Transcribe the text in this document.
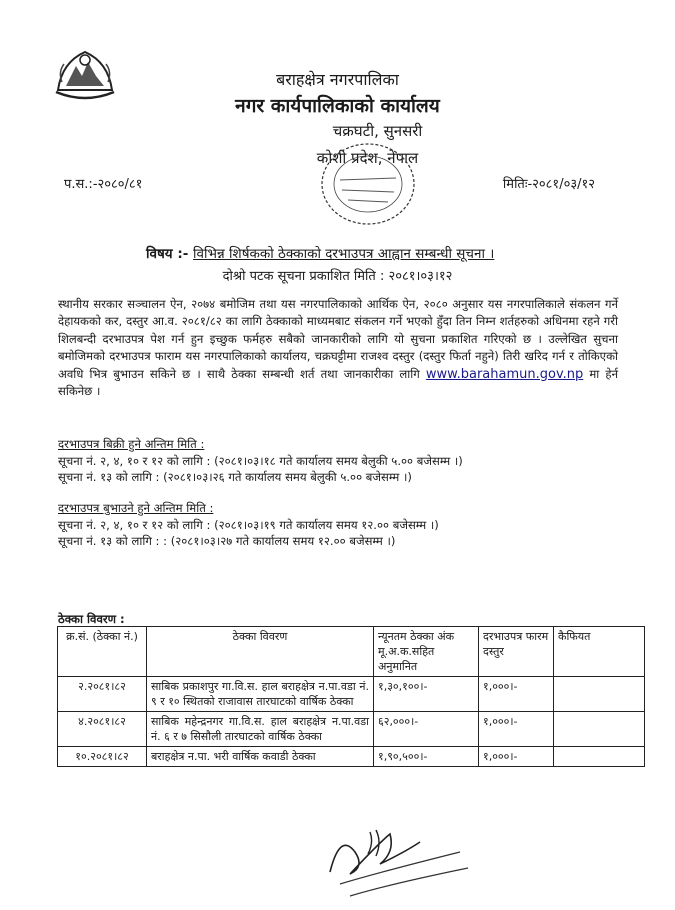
बराहक्षेत्र नगरपालिका
नगर कार्यपालिकाको कार्यालय
चक्रघटी, सुनसरी
कोशी प्रदेश, नेपाल
प.स.:-२०८०/८१	मितिः-२०८१/०३/१२
विषय :- विभिन्न शिर्षकको ठेक्काको दरभाउपत्र आह्वान सम्बन्धी सूचना ।
दोश्रो पटक सूचना प्रकाशित मिति : २०८१।०३।१२
स्थानीय सरकार सञ्चालन ऐन, २०७४ बमोजिम तथा यस नगरपालिकाको आर्थिक ऐन, २०८० अनुसार यस नगरपालिकाले संकलन गर्ने देहायकको कर, दस्तुर आ.व. २०८१/८२ का लागि ठेक्काको माध्यमबाट संकलन गर्ने भएको हुँदा तिन निम्न शर्तहरुको अधिनमा रहने गरी शिलबन्दी दरभाउपत्र पेश गर्न हुन इच्छुक फर्महरु सबैको जानकारीको लागि यो सुचना प्रकाशित गरिएको छ । उल्लेखित सुचना बमोजिमको दरभाउपत्र फाराम यस नगरपालिकाको कार्यालय, चक्रघट्टीमा राजश्व दस्तुर (दस्तुर फिर्ता नहुने) तिरी खरिद गर्न र तोकिएको अवधि भित्र बुभाउन सकिने छ । साथै ठेक्का सम्बन्धी शर्त तथा जानकारीका लागि www.barahamun.gov.np मा हेर्न सकिनेछ ।
दरभाउपत्र बिक्री हुने अन्तिम मिति :
सूचना नं. २, ४, १० र १२ को लागि : (२०८१।०३।१८ गते कार्यालय समय बेलुकी ५.०० बजेसम्म ।)
सूचना नं. १३ को लागि : (२०८१।०३।२६ गते कार्यालय समय बेलुकी ५.०० बजेसम्म ।)
दरभाउपत्र बुभाउने हुने अन्तिम मिति :
सूचना नं. २, ४, १० र १२ को लागि : (२०८१।०३।१९ गते कार्यालय समय १२.०० बजेसम्म ।)
सूचना नं. १३ को लागि : : (२०८१।०३।२७ गते कार्यालय समय १२.०० बजेसम्म ।)
ठेक्का विवरण :
क्र.सं. (ठेक्का नं.)	ठेक्का विवरण	न्यूनतम ठेक्का अंक मू.अ.क.सहित अनुमानित	दरभाउपत्र फारम दस्तुर	कैफियत
२.२०८१।८२	साबिक प्रकाशपुर गा.वि.स. हाल बराहक्षेत्र न.पा.वडा नं. ९ र १० स्थितको राजावास तारघाटको वार्षिक ठेक्का	१,३०,१००।-	१,०००।-	
४.२०८१।८२	साबिक महेन्द्रनगर गा.वि.स. हाल बराहक्षेत्र न.पा.वडा नं. ६ र ७ सिसौली तारघाटको वार्षिक ठेक्का	६२,०००।-	१,०००।-	
१०.२०८१।८२	बराहक्षेत्र न.पा. भरी वार्षिक कवाडी ठेक्का	१,९०,५००।-	१,०००।-	
